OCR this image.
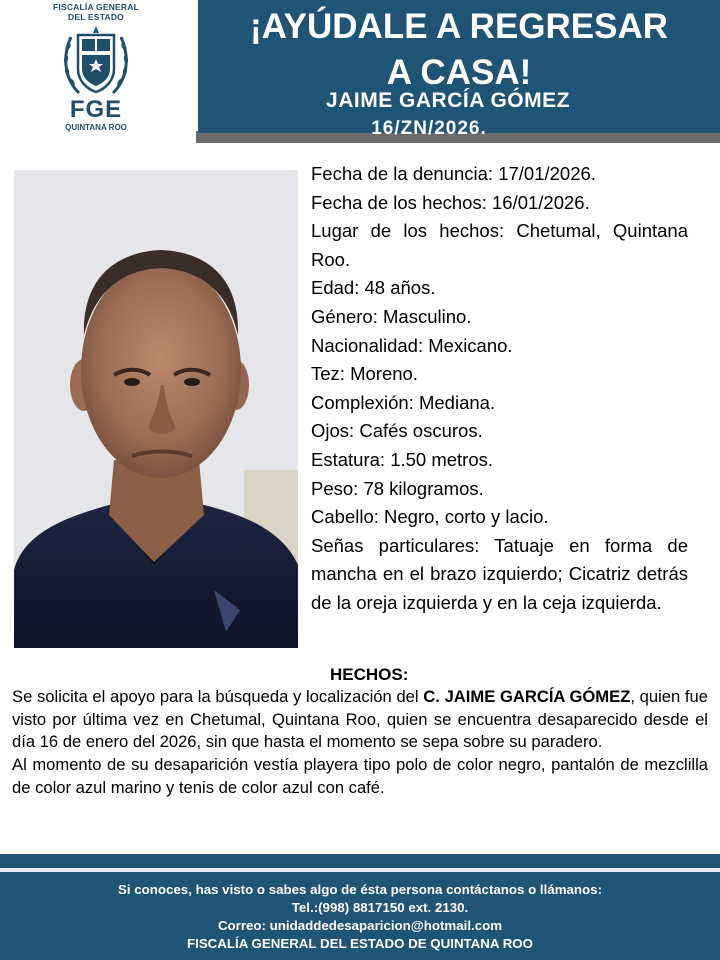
FISCALÍA GENERAL
DEL ESTADO
FGE
QUINTANA ROO
¡AYÚDALE A REGRESAR
A CASA!
JAIME GARCÍA GÓMEZ
16/ZN/2026.
Fecha de la denuncia: 17/01/2026.
Fecha de los hechos: 16/01/2026.
Lugar de los hechos: Chetumal, Quintana Roo.
Edad: 48 años.
Género: Masculino.
Nacionalidad: Mexicano.
Tez: Moreno.
Complexión: Mediana.
Ojos: Cafés oscuros.
Estatura: 1.50 metros.
Peso: 78 kilogramos.
Cabello: Negro, corto y lacio.
Señas particulares: Tatuaje en forma de mancha en el brazo izquierdo; Cicatriz detrás de la oreja izquierda y en la ceja izquierda.
HECHOS:

Se solicita el apoyo para la búsqueda y localización del C. JAIME GARCÍA GÓMEZ, quien fue visto por última vez en Chetumal, Quintana Roo, quien se encuentra desaparecido desde el día 16 de enero del 2026, sin que hasta el momento se sepa sobre su paradero.

Al momento de su desaparición vestía playera tipo polo de color negro, pantalón de mezclilla de color azul marino y tenis de color azul con café.

Si conoces, has visto o sabes algo de ésta persona contáctanos o llámanos:
Tel.:(998) 8817150 ext. 2130.
Correo: unidaddedesaparicion@hotmail.com
FISCALÍA GENERAL DEL ESTADO DE QUINTANA ROO
